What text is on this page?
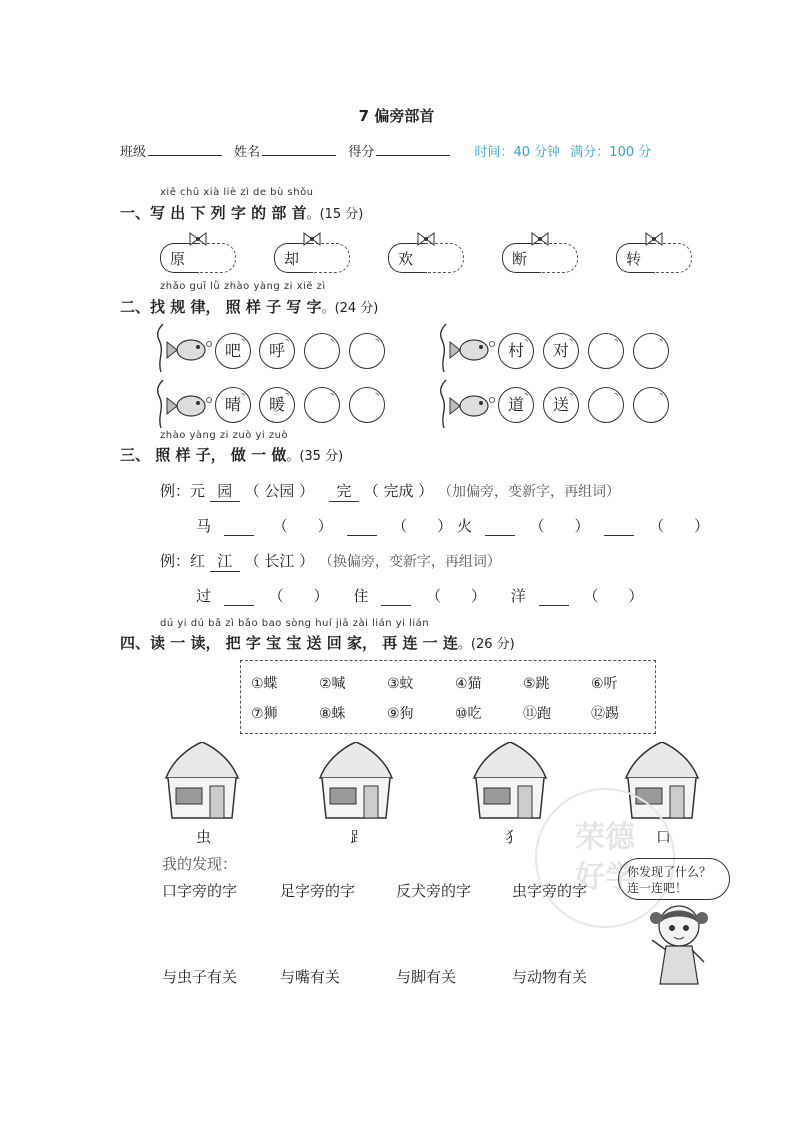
7 偏旁部首
班级	姓名	得分	时间：40 分钟 满分：100 分
xiě chū xià liè zì de bù shǒu
一、写 出 下 列 字 的 部 首。(15 分)
原	却	欢	断	转
zhǎo guī lǜ zhào yàng zi xiě zì
二、找 规 律， 照 样 子 写 字。(24 分)
吧	呼	村	对
晴	暖	道	送
zhào yàng zi zuò yi zuò
三、 照 样 子， 做 一 做。(35 分)
例：元 园 （ 公园 ） 完 （ 完成 ） （加偏旁，变新字，再组词）
马	（　　）	（　　） 火	（　　）	（　　）
例：红 江 （ 长江 ） （换偏旁，变新字，再组词）
过	（　　） 住	（　　） 洋	（　　）
dú yi dú bǎ zì bǎo bao sòng huí jiā zài lián yi lián
四、读 一 读， 把 字 宝 宝 送 回 家， 再 连 一 连。(26 分)
①蝶	②喊	③蚊	④猫	⑤跳	⑥听
⑦狮	⑧蛛	⑨狗	⑩吃	⑪跑	⑫踢
虫	⻊	犭	口
荣德
好学
我的发现：
口字旁的字	足字旁的字	反犬旁的字	虫字旁的字
与虫子有关	与嘴有关	与脚有关	与动物有关
你发现了什么？
连一连吧！
